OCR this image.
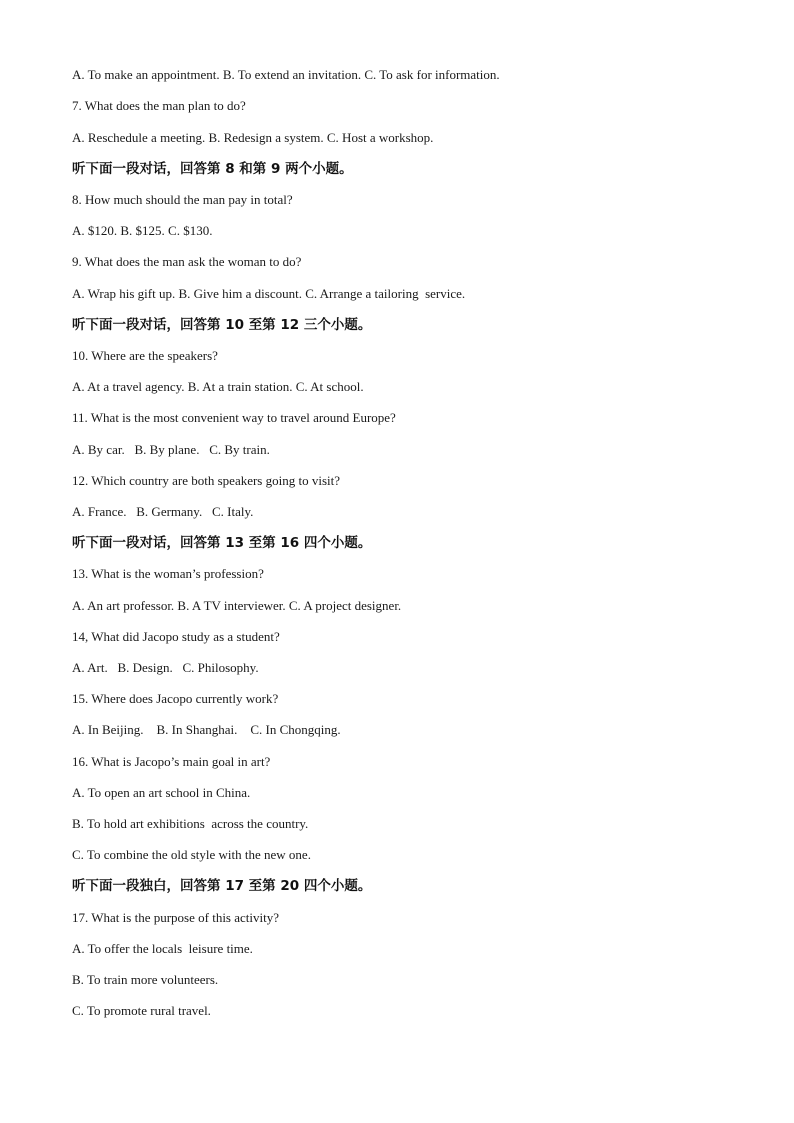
A. To make an appointment. B. To extend an invitation. C. To ask for information.
7. What does the man plan to do?
A. Reschedule a meeting. B. Redesign a system. C. Host a workshop.
听下面一段对话，回答第 8 和第 9 两个小题。
8. How much should the man pay in total?
A. $120. B. $125. C. $130.
9. What does the man ask the woman to do?
A. Wrap his gift up. B. Give him a discount. C. Arrange a tailoring  service.
听下面一段对话，回答第 10 至第 12 三个小题。
10. Where are the speakers?
A. At a travel agency. B. At a train station. C. At school.
11. What is the most convenient way to travel around Europe?
A. By car.   B. By plane.   C. By train.
12. Which country are both speakers going to visit?
A. France.   B. Germany.   C. Italy.
听下面一段对话，回答第 13 至第 16 四个小题。
13. What is the woman’s profession?
A. An art professor. B. A TV interviewer. C. A project designer.
14, What did Jacopo study as a student?
A. Art.   B. Design.   C. Philosophy.
15. Where does Jacopo currently work?
A. In Beijing.    B. In Shanghai.    C. In Chongqing.
16. What is Jacopo’s main goal in art?
A. To open an art school in China.
B. To hold art exhibitions  across the country.
C. To combine the old style with the new one.
听下面一段独白，回答第 17 至第 20 四个小题。
17. What is the purpose of this activity?
A. To offer the locals  leisure time.
B. To train more volunteers.
C. To promote rural travel.
